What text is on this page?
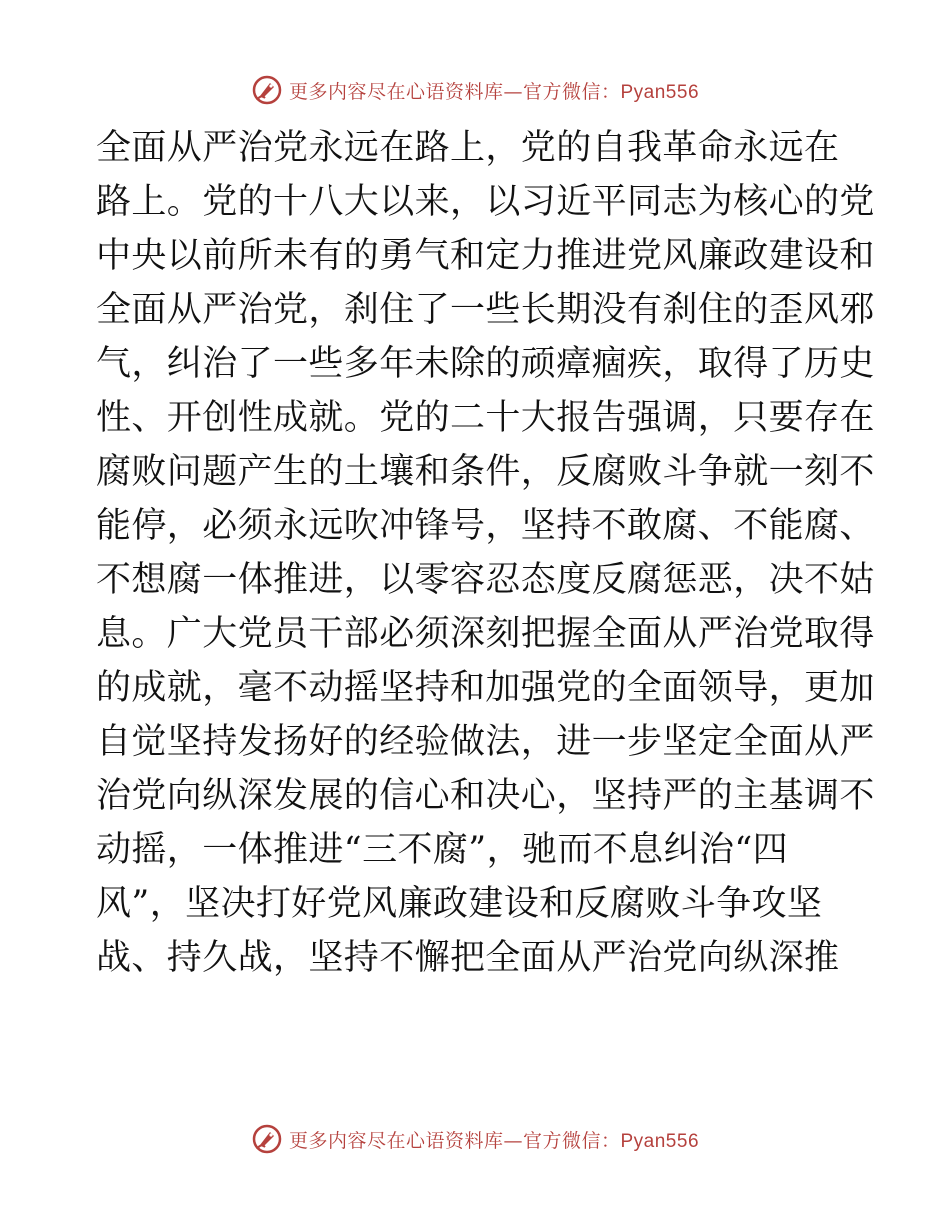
更多内容尽在心语资料库—官方微信：Pyan556
全面从严治党永远在路上，党的自我革命永远在
路上。党的十八大以来，以习近平同志为核心的党
中央以前所未有的勇气和定力推进党风廉政建设和
全面从严治党，刹住了一些长期没有刹住的歪风邪
气，纠治了一些多年未除的顽瘴痼疾，取得了历史
性、开创性成就。党的二十大报告强调，只要存在
腐败问题产生的土壤和条件，反腐败斗争就一刻不
能停，必须永远吹冲锋号，坚持不敢腐、不能腐、
不想腐一体推进，以零容忍态度反腐惩恶，决不姑
息。广大党员干部必须深刻把握全面从严治党取得
的成就，毫不动摇坚持和加强党的全面领导，更加
自觉坚持发扬好的经验做法，进一步坚定全面从严
治党向纵深发展的信心和决心，坚持严的主基调不
动摇，一体推进“三不腐”，驰而不息纠治“四
风”，坚决打好党风廉政建设和反腐败斗争攻坚
战、持久战，坚持不懈把全面从严治党向纵深推
更多内容尽在心语资料库—官方微信：Pyan556
